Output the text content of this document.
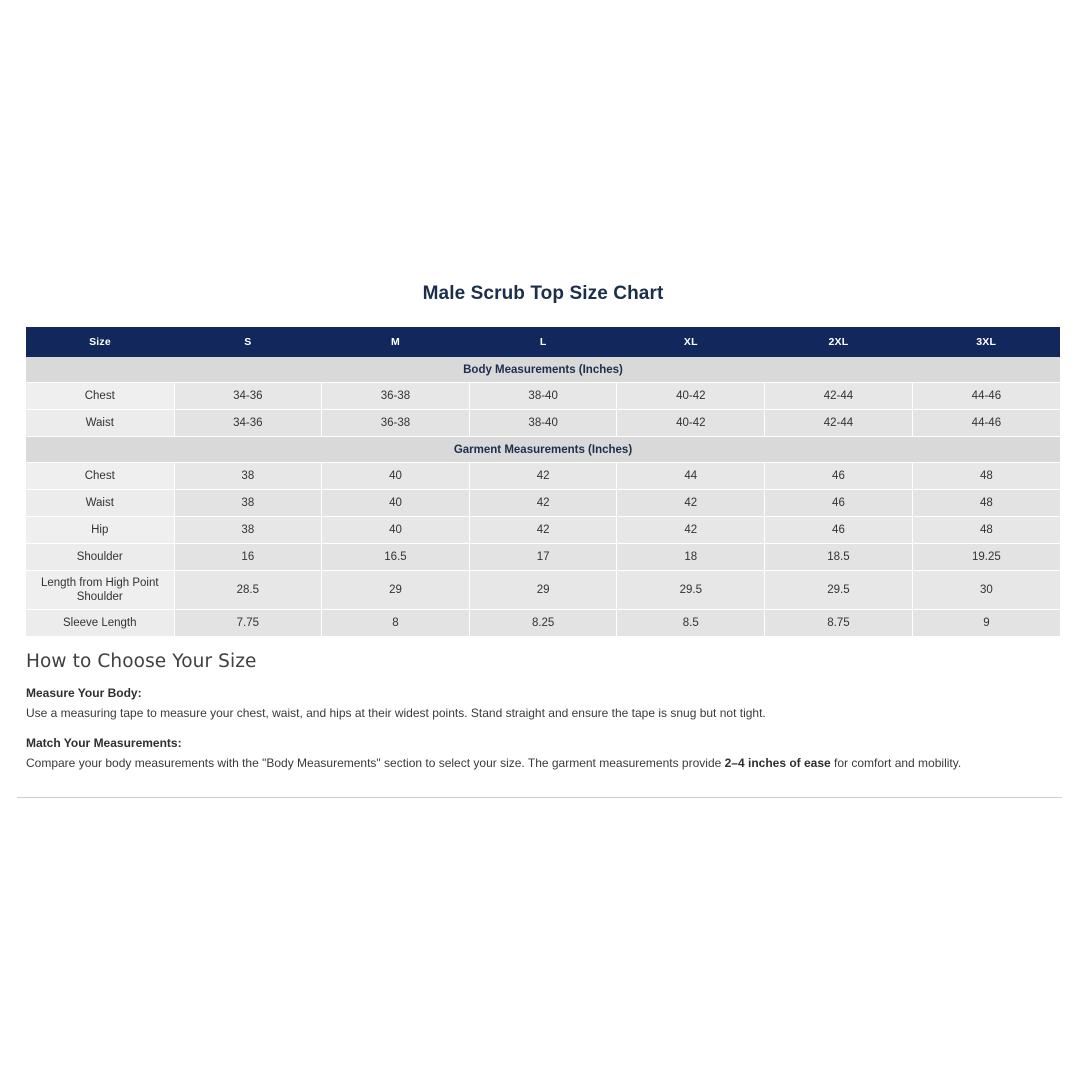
Male Scrub Top Size Chart
Size	S	M	L	XL	2XL	3XL
Body Measurements (Inches)						
Chest	34-36	36-38	38-40	40-42	42-44	44-46
Waist	34-36	36-38	38-40	40-42	42-44	44-46
Garment Measurements (Inches)						
Chest	38	40	42	44	46	48
Waist	38	40	42	42	46	48
Hip	38	40	42	42	46	48
Shoulder	16	16.5	17	18	18.5	19.25
Length from High Point Shoulder	28.5	29	29	29.5	29.5	30
Sleeve Length	7.75	8	8.25	8.5	8.75	9
How to Choose Your Size
Measure Your Body:
Use a measuring tape to measure your chest, waist, and hips at their widest points. Stand straight and ensure the tape is snug but not tight.
Match Your Measurements:
Compare your body measurements with the "Body Measurements" section to select your size. The garment measurements provide 2–4 inches of ease for comfort and mobility.
